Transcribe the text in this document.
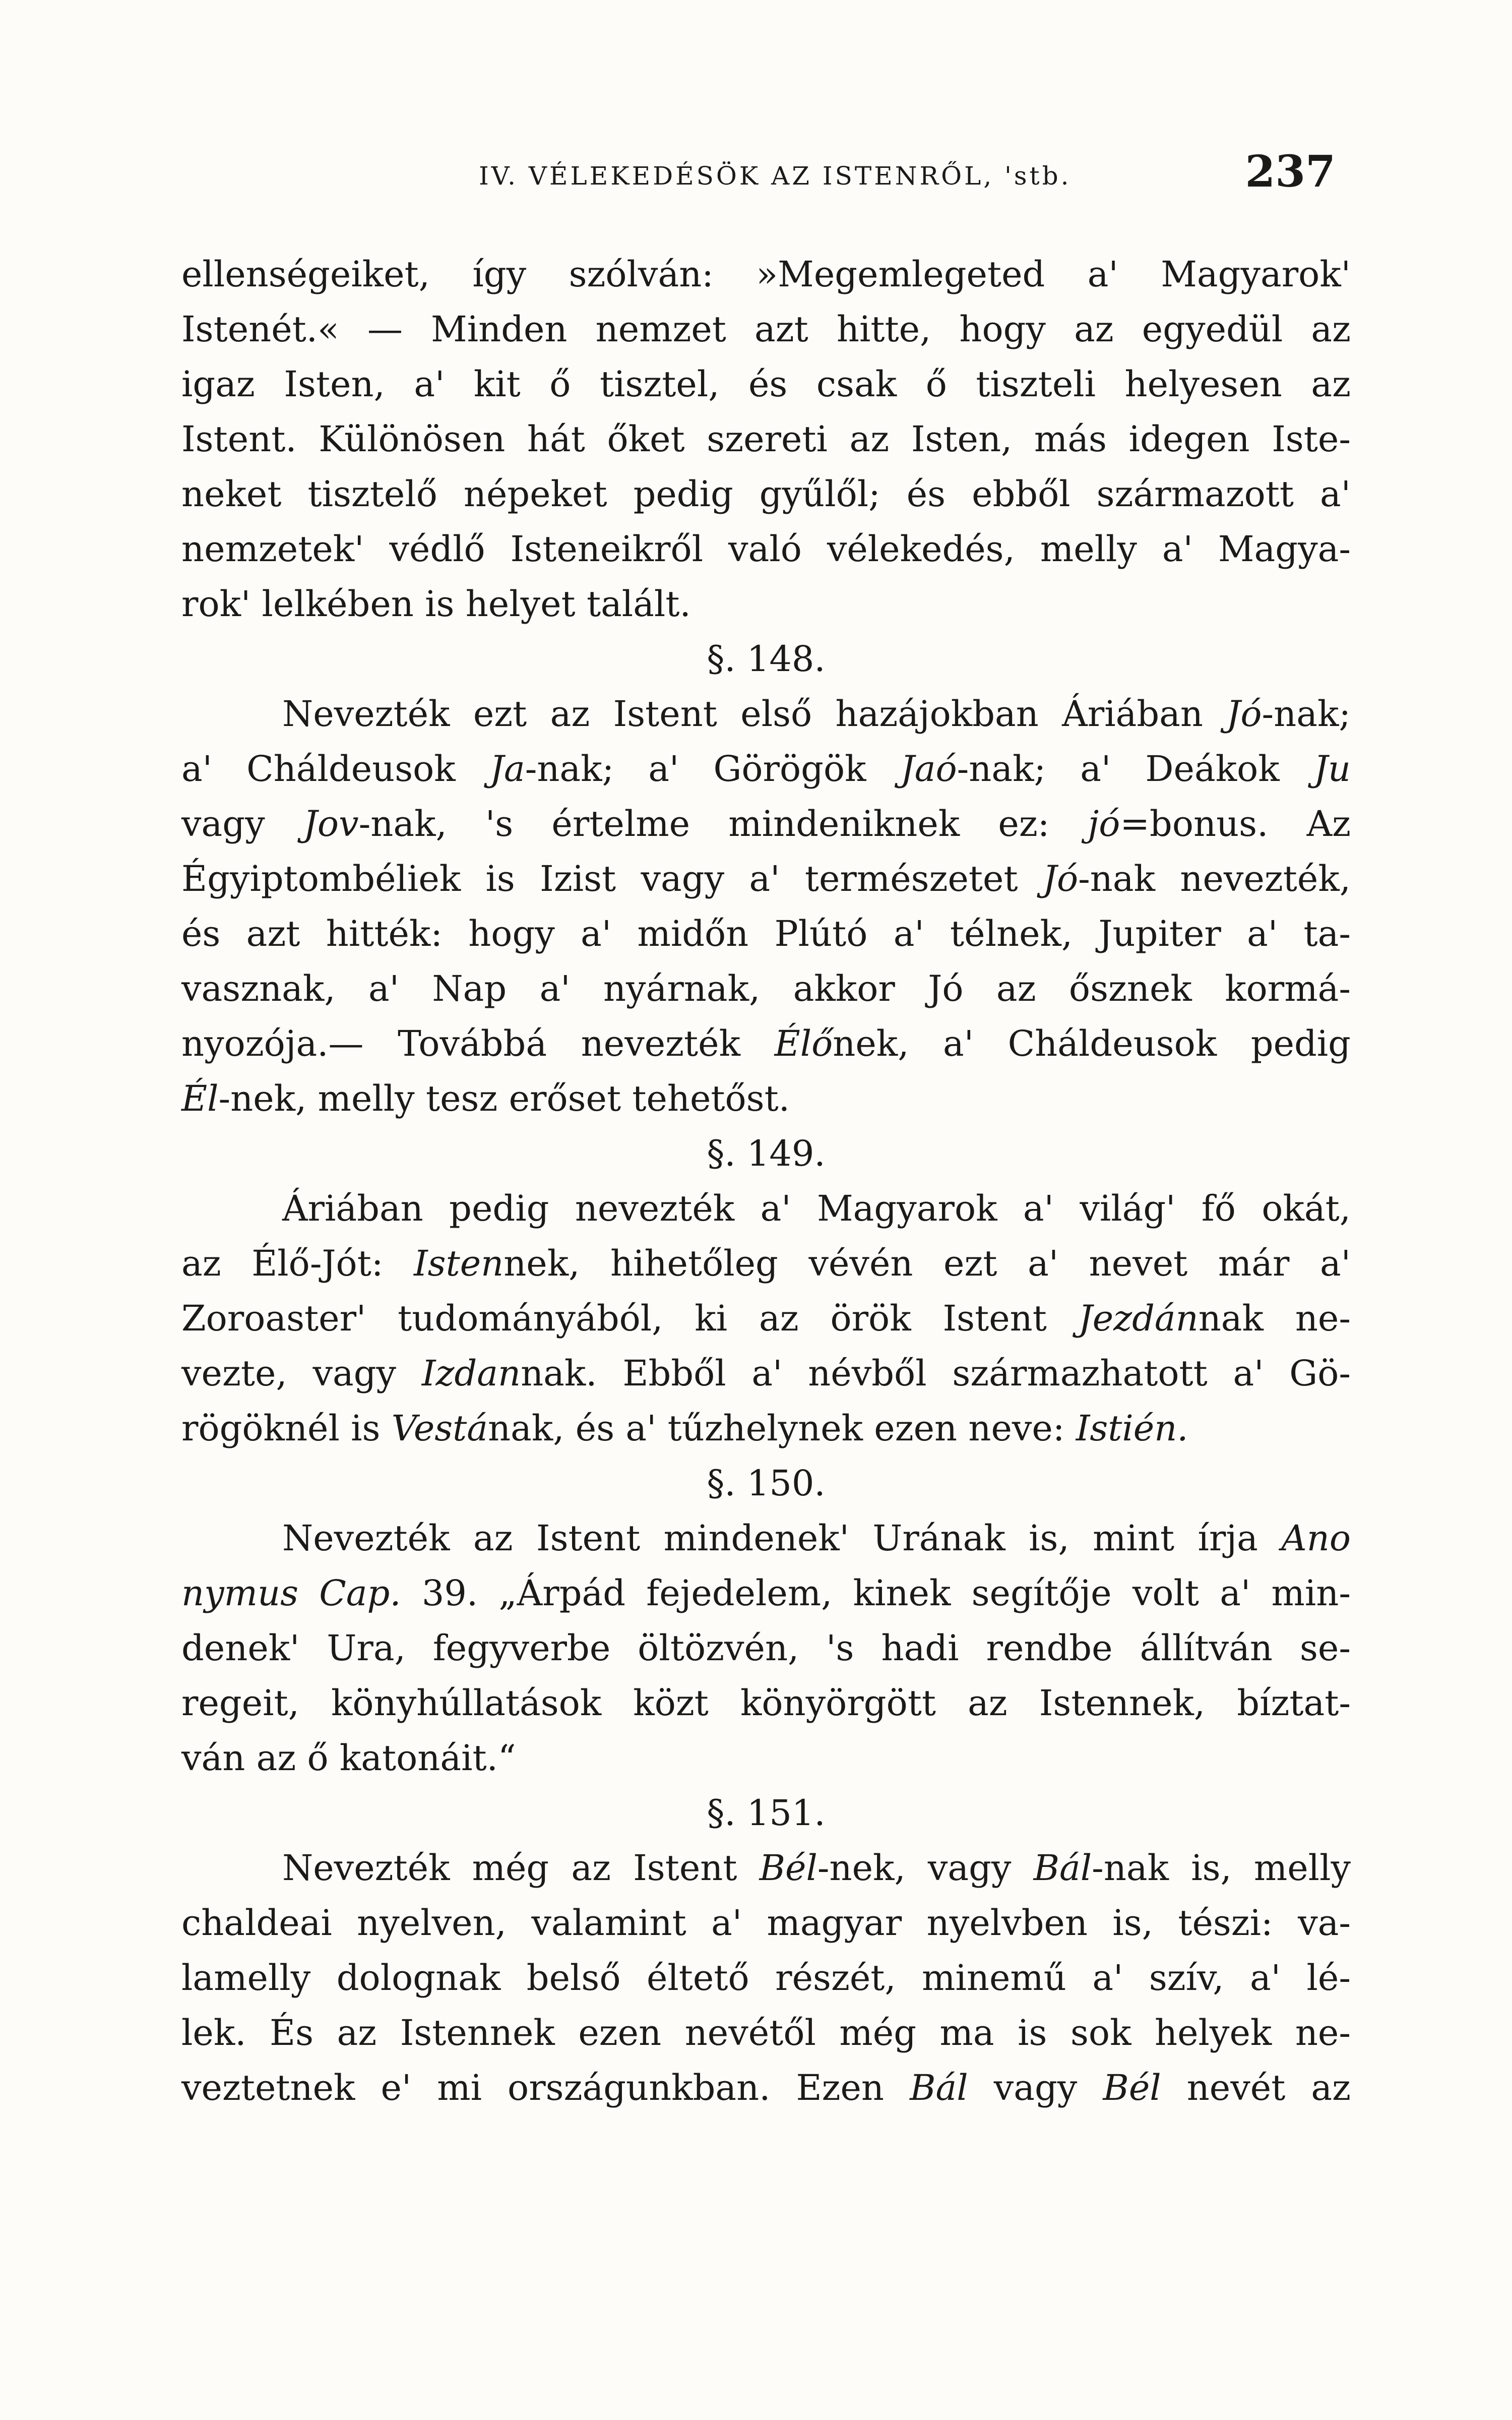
IV. VÉLEKEDÉSÖK AZ ISTENRŐL, 'stb.	237
ellenségeiket, így szólván: »Megemlegeted a' Magyarok'
Istenét.« — Minden nemzet azt hitte, hogy az egyedül az
igaz Isten, a' kit ő tisztel, és csak ő tiszteli helyesen az
Istent. Különösen hát őket szereti az Isten, más idegen Iste-
neket tisztelő népeket pedig gyűlől; és ebből származott a'
nemzetek' védlő Isteneikről való vélekedés, melly a' Magya-
rok' lelkében is helyet talált.
§. 148.
Nevezték ezt az Istent első hazájokban Áriában Jó-nak;
a' Cháldeusok Ja-nak; a' Görögök Jaó-nak; a' Deákok Ju
vagy Jov-nak, 's értelme mindeniknek ez: jó=bonus. Az
Égyiptombéliek is Izist vagy a' természetet Jó-nak nevezték,
és azt hitték: hogy a' midőn Plútó a' télnek, Jupiter a' ta-
vasznak, a' Nap a' nyárnak, akkor Jó az ősznek kormá-
nyozója.— Továbbá nevezték Élőnek, a' Cháldeusok pedig
Él-nek, melly tesz erőset tehetőst.
§. 149.
Áriában pedig nevezték a' Magyarok a' világ' fő okát,
az Élő-Jót: Istennek, hihetőleg vévén ezt a' nevet már a'
Zoroaster' tudományából, ki az örök Istent Jezdánnak ne-
vezte, vagy Izdannak. Ebből a' névből származhatott a' Gö-
rögöknél is Vestának, és a' tűzhelynek ezen neve: Istién.
§. 150.
Nevezték az Istent mindenek' Urának is, mint írja Ano
nymus Cap. 39. „Árpád fejedelem, kinek segítője volt a' min-
denek' Ura, fegyverbe öltözvén, 's hadi rendbe állítván se-
regeit, könyhúllatások közt könyörgött az Istennek, bíztat-
ván az ő katonáit.“
§. 151.
Nevezték még az Istent Bél-nek, vagy Bál-nak is, melly
chaldeai nyelven, valamint a' magyar nyelvben is, tészi: va-
lamelly dolognak belső éltető részét, minemű a' szív, a' lé-
lek. És az Istennek ezen nevétől még ma is sok helyek ne-
veztetnek e' mi országunkban. Ezen Bál vagy Bél nevét az
